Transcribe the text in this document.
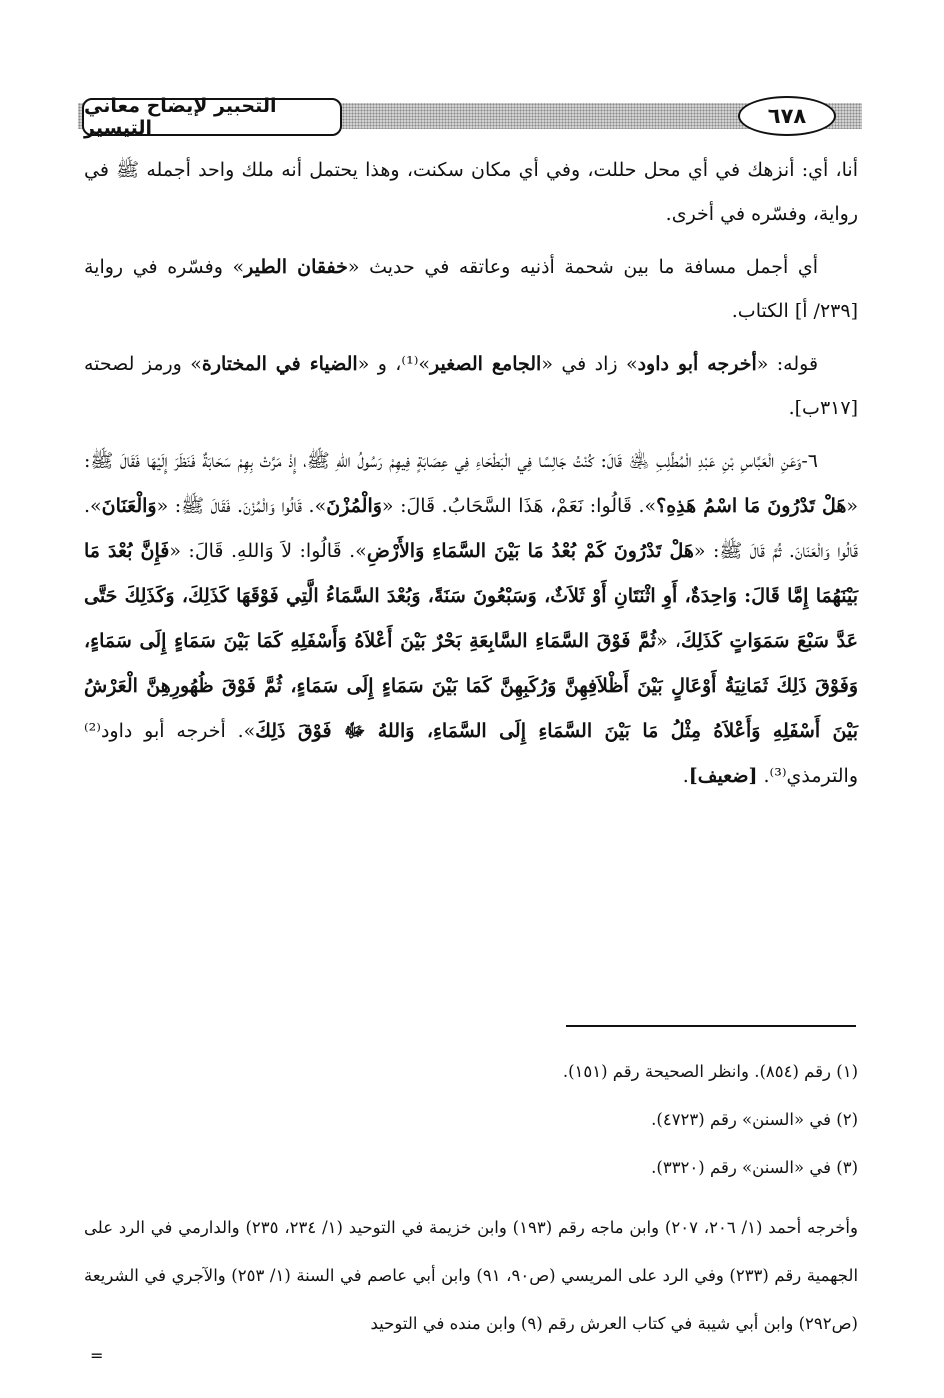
التحبير لإيضاح معاني التيسير	٦٧٨

أنا، أي: أنزهك في أي محل حللت، وفي أي مكان سكنت، وهذا يحتمل أنه ملك واحد أجمله ﷺ في رواية، وفسّره في أخرى.

أي أجمل مسافة ما بين شحمة أذنيه وعاتقه في حديث «خفقان الطير» وفسّره في رواية [٢٣٩/ أ] الكتاب.

قوله: «أخرجه أبو داود» زاد في «الجامع الصغير»⁽¹⁾، و «الضياء في المختارة» ورمز لصحته [٣١٧ب].

٦-وَعَنِ الْعَبَّاسِ بْنِ عَبْدِ الْمُطَّلِبِ ﵁ قَالَ: كُنْتُ جَالِسًا فِي الْبَطْحَاءِ فِي عِصَابَةٍ فِيهِمْ رَسُولُ اللهِ ﷺ، إِذْ مَرَّتْ بِهِمْ سَحَابَةٌ فَنَظَرَ إِلَيْهَا فَقَالَ ﷺ: «هَلْ تَدْرُونَ مَا اسْمُ هَذِهِ؟». قَالُوا: نَعَمْ، هَذَا السَّحَابُ. قَالَ: «وَالْمُزْنَ». قَالُوا وَالْمُزْنَ. فَقَالَ ﷺ: «وَالْعَنَانَ». قَالُوا وَالْعَنَانَ. ثُمَّ قَالَ ﷺ: «هَلْ تَدْرُونَ كَمْ بُعْدُ مَا بَيْنَ السَّمَاءِ وَالأَرْضِ». قَالُوا: لاَ وَاللهِ. قَالَ: «فَإِنَّ بُعْدَ مَا بَيْنَهُمَا إِمَّا قَالَ: وَاحِدَةٌ، أَوِ اثْنَتَانِ أَوْ ثَلاَثٌ، وَسَبْعُونَ سَنَةً، وَبُعْدَ السَّمَاءُ الَّتِي فَوْقَهَا كَذَلِكَ، وَكَذَلِكَ حَتَّى عَدَّ سَبْعَ سَمَوَاتٍ كَذَلِكَ، «ثُمَّ فَوْقَ السَّمَاءِ السَّابِعَةِ بَحْرٌ بَيْنَ أَعْلاَهُ وَأَسْفَلِهِ كَمَا بَيْنَ سَمَاءٍ إِلَى سَمَاءٍ، وَفَوْقَ ذَلِكَ ثَمَانِيَةُ أَوْعَالٍ بَيْنَ أَظْلاَفِهِنَّ وَرُكَبِهِنَّ كَمَا بَيْنَ سَمَاءٍ إِلَى سَمَاءٍ، ثُمَّ فَوْقَ ظُهُورِهِنَّ الْعَرْشُ بَيْنَ أَسْفَلِهِ وَأَعْلاَهُ مِثْلُ مَا بَيْنَ السَّمَاءِ إِلَى السَّمَاءِ، وَاللهُ ﷻ فَوْقَ ذَلِكَ». أخرجه أبو داود⁽²⁾ والترمذي⁽³⁾. [ضعيف].

(١) رقم (٨٥٤). وانظر الصحيحة رقم (١٥١).

(٢) في «السنن» رقم (٤٧٢٣).

(٣) في «السنن» رقم (٣٣٢٠).

وأخرجه أحمد (١/ ٢٠٦، ٢٠٧) وابن ماجه رقم (١٩٣) وابن خزيمة في التوحيد (١/ ٢٣٤، ٢٣٥) والدارمي في الرد على الجهمية رقم (٢٣٣) وفي الرد على المريسي (ص٩٠، ٩١) وابن أبي عاصم في السنة (١/ ٢٥٣) والآجري في الشريعة (ص٢٩٢) وابن أبي شيبة في كتاب العرش رقم (٩) وابن منده في التوحيد

=
